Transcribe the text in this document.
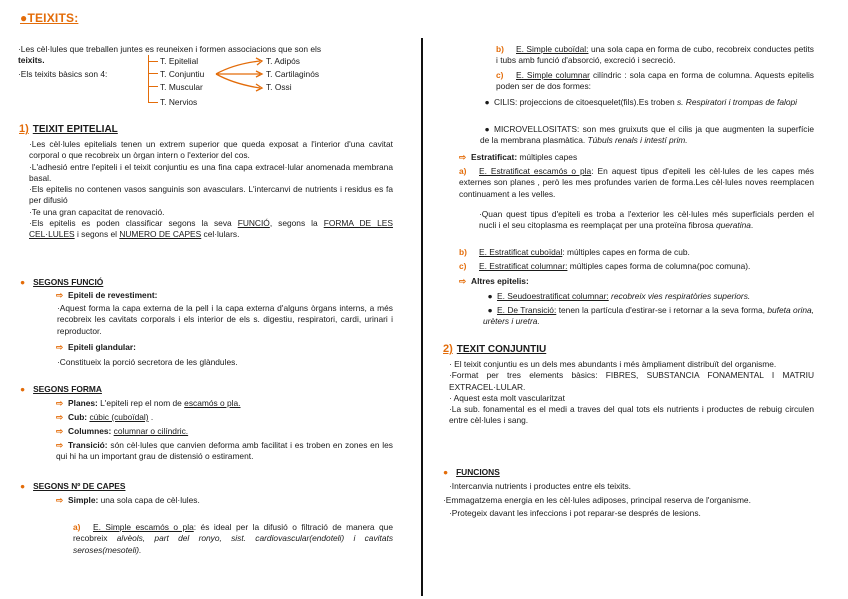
●TEIXITS:
·Les cèl·lules que treballen juntes es reuneixen i formen associacions que son els
teixits.
·Els teixits bàsics son 4:
T. Epitelial
T. Conjuntiu
T. Muscular
T. Nervios
T. Adipós
T. Cartilaginós
T. Ossi
1) TEIXIT EPITELIAL
·Les cèl·lules epitelials tenen un extrem superior que queda exposat a l'interior d'una cavitat corporal o que recobreix un òrgan intern o l'exterior del cos.
·L'adhesió entre l'epiteli i el teixit conjuntiu es una fina capa extracel·lular anomenada membrana basal.
·Els epitelis no contenen vasos sanguinis son avasculars. L'intercanvi de nutrients i residus es fa per difusió
·Te una gran capacitat de renovació.
·Els epitelis es poden classificar segons la seva FUNCIÓ, segons la FORMA DE LES CEL·LULES i segons el NUMERO DE CAPES cel·lulars.
● SEGONS FUNCIÓ
⇨ Epiteli de revestiment:
·Aquest forma la capa externa de la pell i la capa externa d'alguns òrgans interns, a més recobreix les cavitats corporals i els interior de els s. digestiu, respiratori, cardi, urinari i reproductor.
⇨ Epiteli glandular:
·Constitueix la porció secretora de les glàndules.
● SEGONS FORMA
⇨ Planes: L'epiteli rep el nom de escamós o pla.
⇨ Cub: cúbic (cuboïdal) .
⇨ Columnes: columnar o cilíndric.
⇨ Transició: són cèl·lules que canvien deforma amb facilitat i es troben en zones en les qui hi ha un important grau de distensió o estirament.
● SEGONS Nº DE CAPES
⇨ Simple: una sola capa de cèl·lules.
a) E. Simple escamós o pla: és ideal per la difusió o filtració de manera que recobreix alvèols, part del ronyo, sist. cardiovascular(endoteli) i cavitats seroses(mesoteli).
b) E. Simple cuboïdal: una sola capa en forma de cubo, recobreix conductes petits i tubs amb funció d'absorció, excreció i secreció.
c) E. Simple columnar cilíndric : sola capa en forma de columna. Aquests epitelis poden ser de dos formes:
● CILIS: projeccions de citoesquelet(fils).Es troben s. Respiratori i trompas de falopi
● MICROVELLOSITATS: son mes gruixuts que el cilis ja que augmenten la superfície de la membrana plasmàtica. Túbuls renals i intestí prim.
⇨ Estratificat: múltiples capes
a) E. Estratificat escamós o pla: En aquest tipus d'epiteli les cèl·lules de les capes més externes son planes , però les mes profundes varien de forma.Les cèl·lules noves reemplacen continuament a les velles.
·Quan quest tipus d'epiteli es troba a l'exterior les cèl·lules més superficials perden el nucli i el seu citoplasma es reemplaçat per una proteïna fibrosa queratina.
b) E. Estratificat cuboïdal: múltiples capes en forma de cub.
c) E. Estratificat columnar: múltiples capes forma de columna(poc comuna).
⇨ Altres epitelis:
● E. Seudoestratificat columnar: recobreix vies respiratòries superiors.
● E. De Transició: tenen la partícula d'estirar-se i retornar a la seva forma, bufeta orina, urèters i uretra.
2) TEXIT CONJUNTIU
· El teixit conjuntiu es un dels mes abundants i més àmpliament distribuït del organisme.
·Format per tres elements bàsics: FIBRES, SUBSTANCIA FONAMENTAL I MATRIU EXTRACEL·LULAR.
· Aquest esta molt vascularitzat
·La sub. fonamental es el medi a traves del qual tots els nutrients i productes de rebuig circulen entre cèl·lules i sang.
● FUNCIONS
·Intercanvia nutrients i productes entre els teixits.
·Emmagatzema energia en les cèl·lules adiposes, principal reserva de l'organisme.
·Protegeix davant les infeccions i pot reparar-se després de lesions.
